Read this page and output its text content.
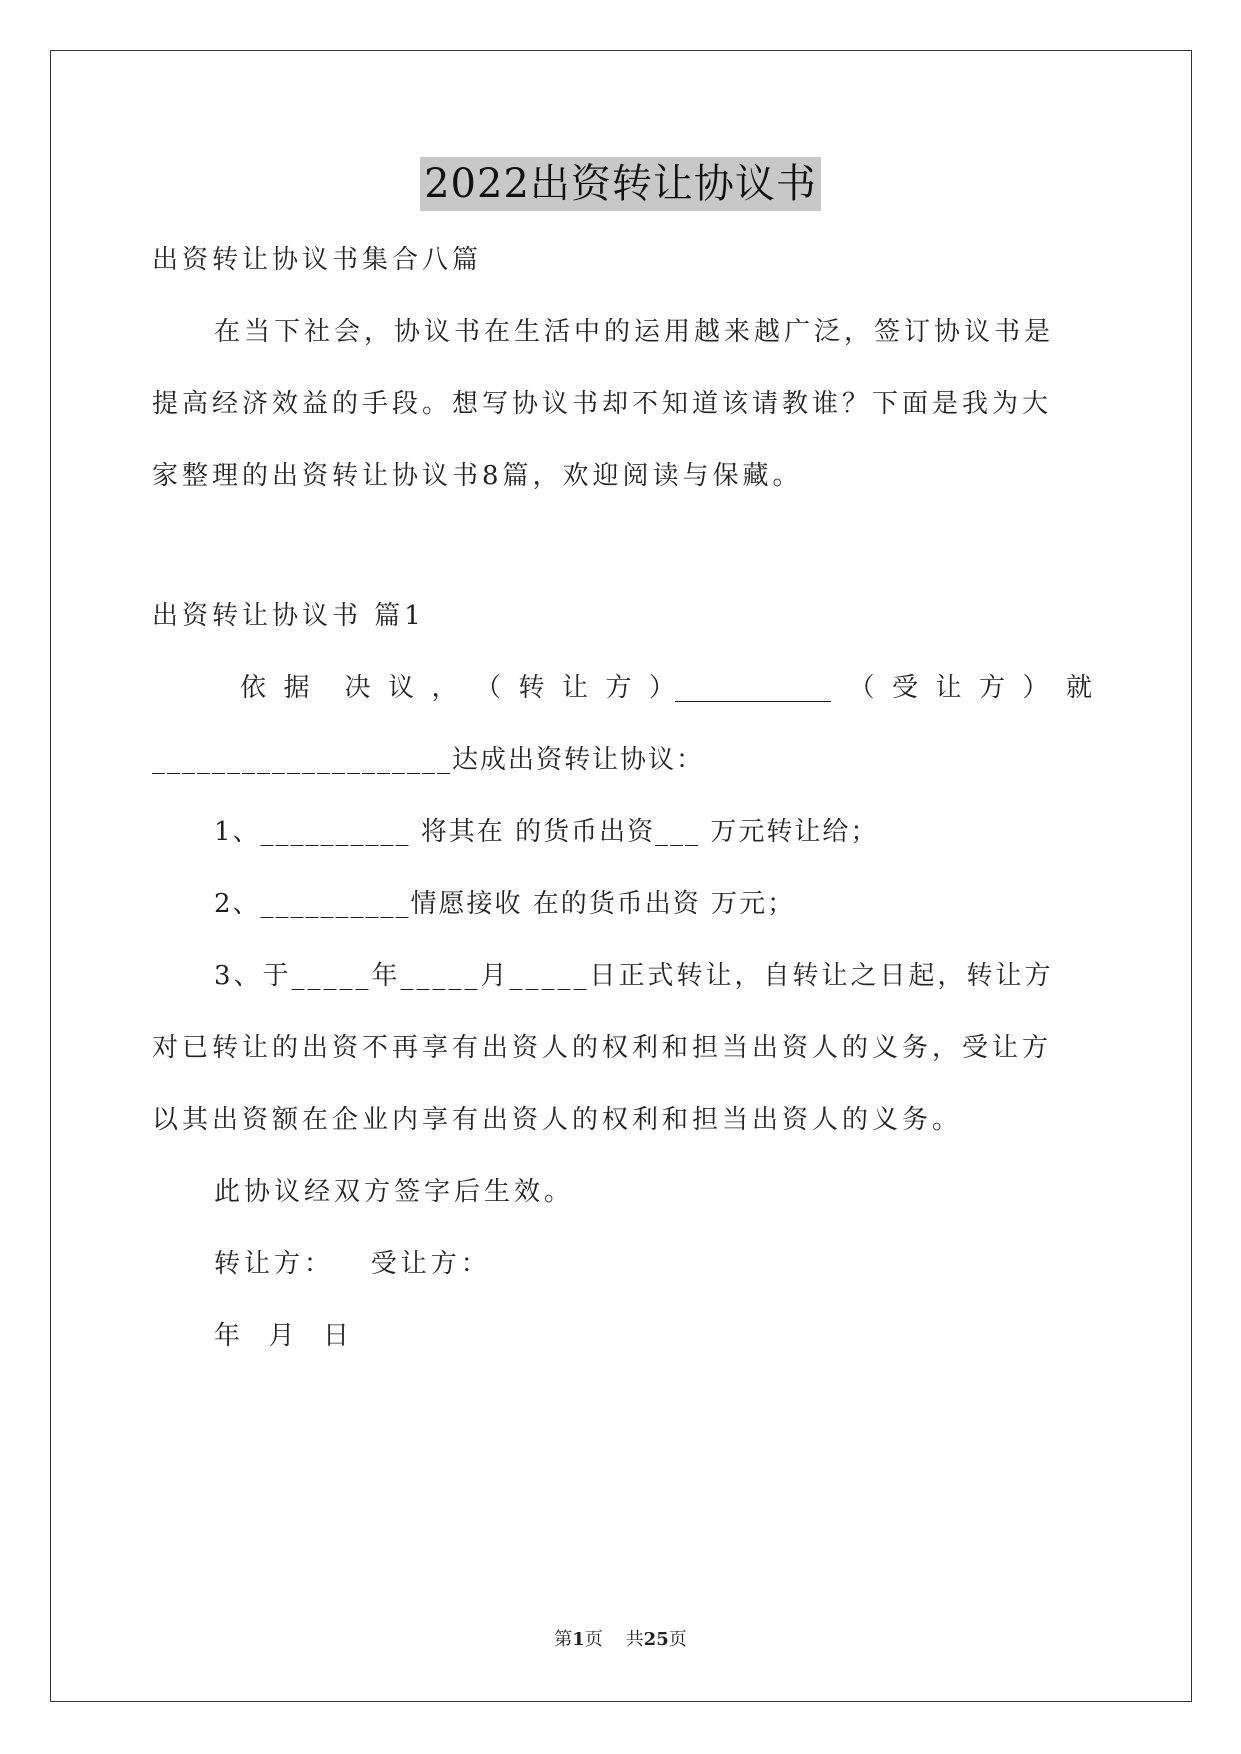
2022出资转让协议书
出资转让协议书集合八篇
在当下社会，协议书在生活中的运用越来越广泛，签订协议书是
提高经济效益的手段。想写协议书却不知道该请教谁？下面是我为大
家整理的出资转让协议书8篇，欢迎阅读与保藏。
出资转让协议书 篇1
依 据 决 议 ， （ 转 让 方 ）____________ （ 受 让 方 ） 就
____________________达成出资转让协议：
1、__________ 将其在 的货币出资___ 万元转让给；
2、__________情愿接收 在的货币出资 万元；
3、于_____年_____月_____日正式转让，自转让之日起，转让方
对已转让的出资不再享有出资人的权利和担当出资人的义务，受让方
以其出资额在企业内享有出资人的权利和担当出资人的义务。
此协议经双方签字后生效。
转让方：   受让方：
年  月  日
第1页 共25页
